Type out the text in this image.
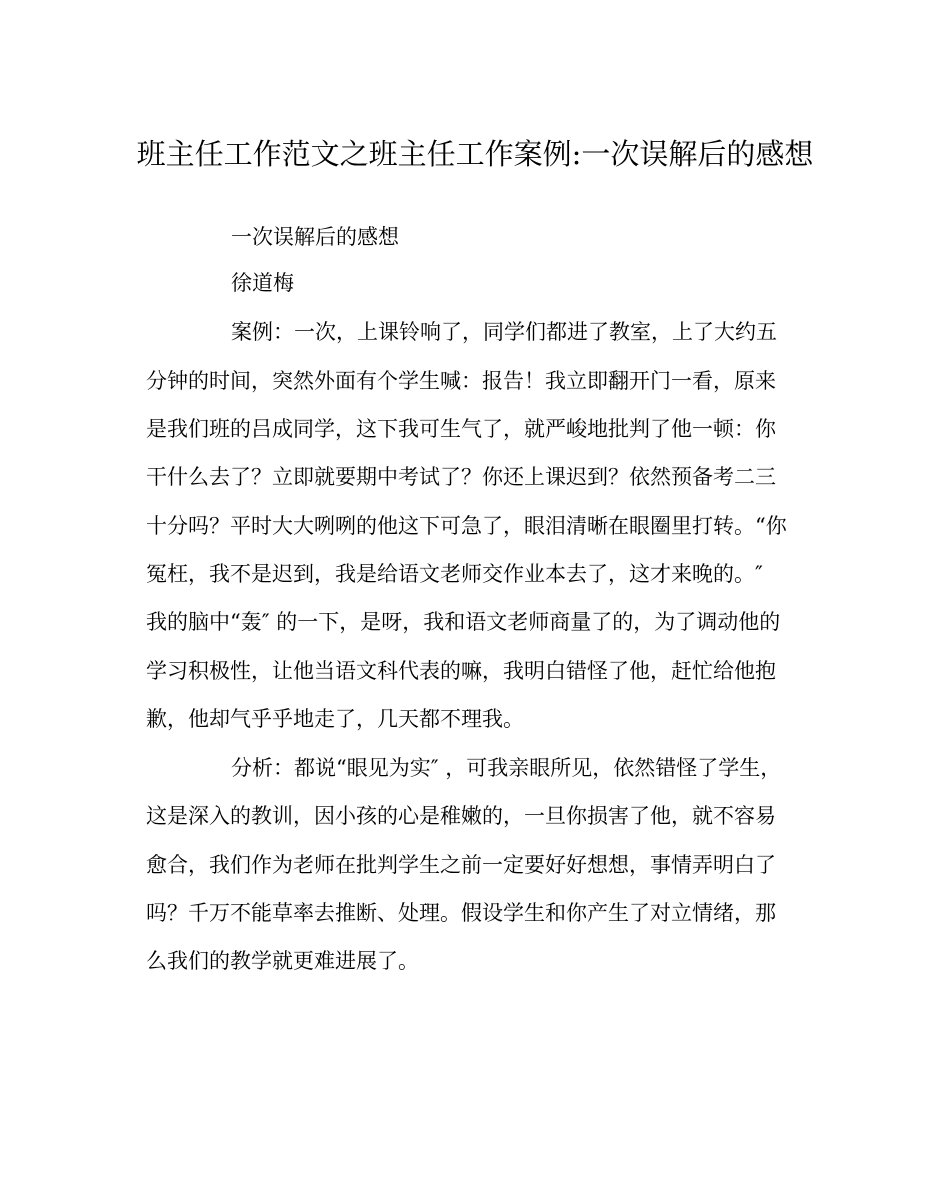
班主任工作范文之班主任工作案例:一次误解后的感想
一次误解后的感想
徐道梅
案例：一次，上课铃响了，同学们都进了教室，上了大约五
分钟的时间，突然外面有个学生喊：报告！我立即翻开门一看，原来
是我们班的吕成同学，这下我可生气了，就严峻地批判了他一顿：你
干什么去了？立即就要期中考试了？你还上课迟到？依然预备考二三
十分吗？平时大大咧咧的他这下可急了，眼泪清晰在眼圈里打转。“你
冤枉，我不是迟到，我是给语文老师交作业本去了，这才来晚的。″
我的脑中“轰″ 的一下，是呀，我和语文老师商量了的，为了调动他的
学习积极性，让他当语文科代表的嘛，我明白错怪了他，赶忙给他抱
歉，他却气乎乎地走了，几天都不理我。
分析：都说“眼见为实″ ，可我亲眼所见，依然错怪了学生，
这是深入的教训，因小孩的心是稚嫩的，一旦你损害了他，就不容易
愈合，我们作为老师在批判学生之前一定要好好想想，事情弄明白了
吗？千万不能草率去推断、处理。假设学生和你产生了对立情绪，那
么我们的教学就更难进展了。
